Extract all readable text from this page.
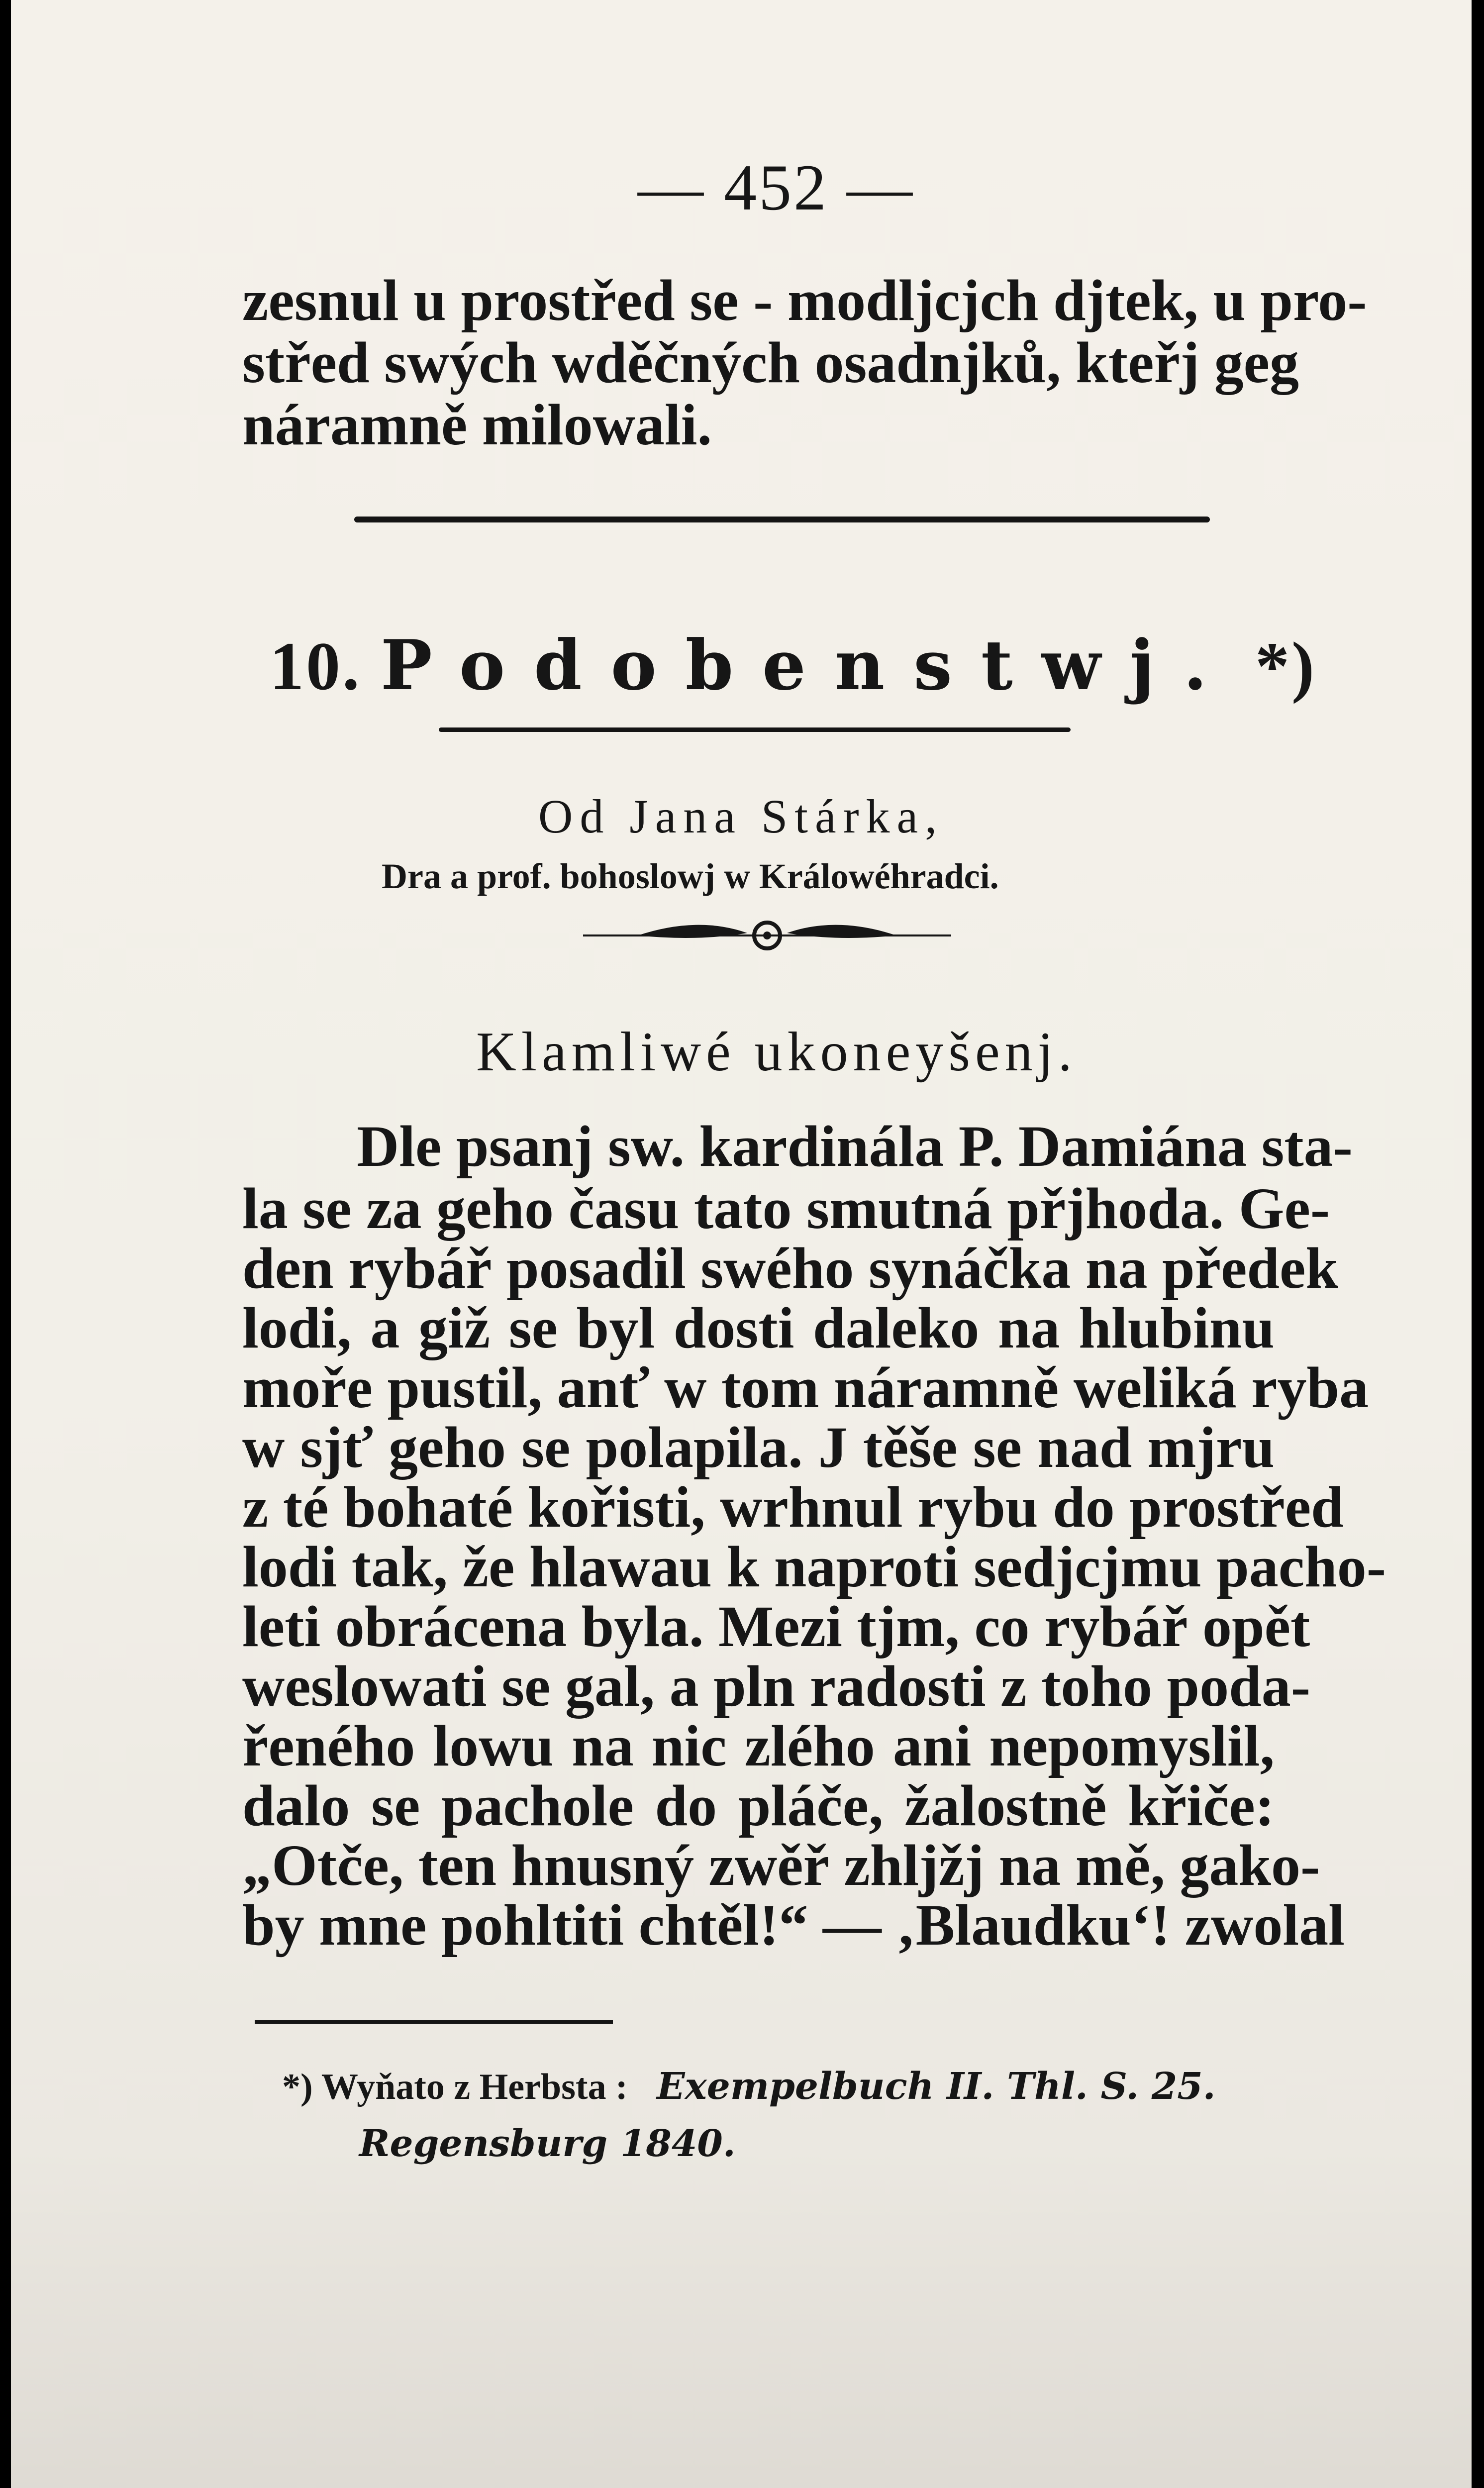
— 452 —
zesnul u prostřed se - modljcjch djtek, u pro-
střed swých wděčných osadnjků, kteřj geg
náramně milowali.
10. Podobenstwj. *)
Od Jana Stárka,
Dra a prof. bohoslowj w Králowéhradci.
Klamliwé ukoneyšenj.
Dle psanj sw. kardinála P. Damiána sta-
la se za geho času tato smutná přjhoda. Ge-
den rybář posadil swého synáčka na předek
lodi, a giž se byl dosti daleko na hlubinu
moře pustil, anť w tom náramně weliká ryba
w sjť geho se polapila. J těše se nad mjru
z té bohaté kořisti, wrhnul rybu do prostřed
lodi tak, že hlawau k naproti sedjcjmu pacho-
leti obrácena byla. Mezi tjm, co rybář opět
weslowati se gal, a pln radosti z toho poda-
řeného lowu na nic zlého ani nepomyslil,
dalo se pachole do pláče, žalostně křiče:
„Otče, ten hnusný zwěř zhljžj na mě, gako-
by mne pohltiti chtěl!“ — ‚Blaudku‘! zwolal
*) Wyňato z Herbsta : Exempelbuch II. Thl. S. 25.
Regensburg 1840.
